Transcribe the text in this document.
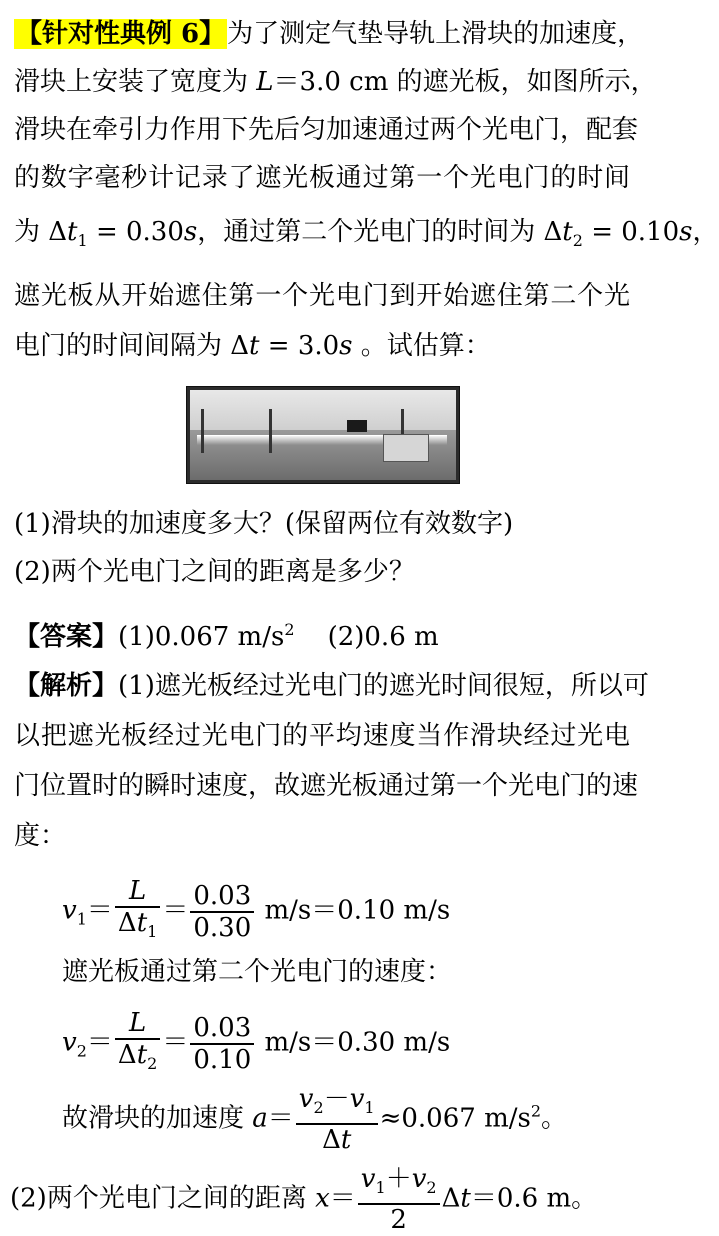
【针对性典例 6】为了测定气垫导轨上滑块的加速度，
滑块上安装了宽度为 L＝3.0 cm 的遮光板，如图所示，
滑块在牵引力作用下先后匀加速通过两个光电门，配套
的数字毫秒计记录了遮光板通过第一个光电门的时间
为 $\Delta t_1 = 0.30s$，通过第二个光电门的时间为 $\Delta t_2 = 0.10s$，
遮光板从开始遮住第一个光电门到开始遮住第二个光
电门的时间间隔为 Δt = 3.0s 。试估算：
(1)滑块的加速度多大？(保留两位有效数字)
(2)两个光电门之间的距离是多少？
【答案】(1)0.067 $m/s^2$ (2)0.6 m
【解析】(1)遮光板经过光电门的遮光时间很短，所以可
以把遮光板经过光电门的平均速度当作滑块经过光电
门位置时的瞬时速度，故遮光板通过第一个光电门的速
度：
$v_1= \frac{L}{\Delta t_1} = \frac{0.03}{0.30} m/s=0.10$ m/s
遮光板通过第二个光电门的速度：
$v_2= \frac{L}{\Delta t_2} = \frac{0.03}{0.10} m/s=0.30$ m/s
故滑块的加速度 $a= \frac{v_2-v_1}{\Delta t} \approx 0.067$ $m/s^2$。
(2)两个光电门之间的距离 $x= \frac{v_1+v_2}{2} \Delta t=0.6$ m。
